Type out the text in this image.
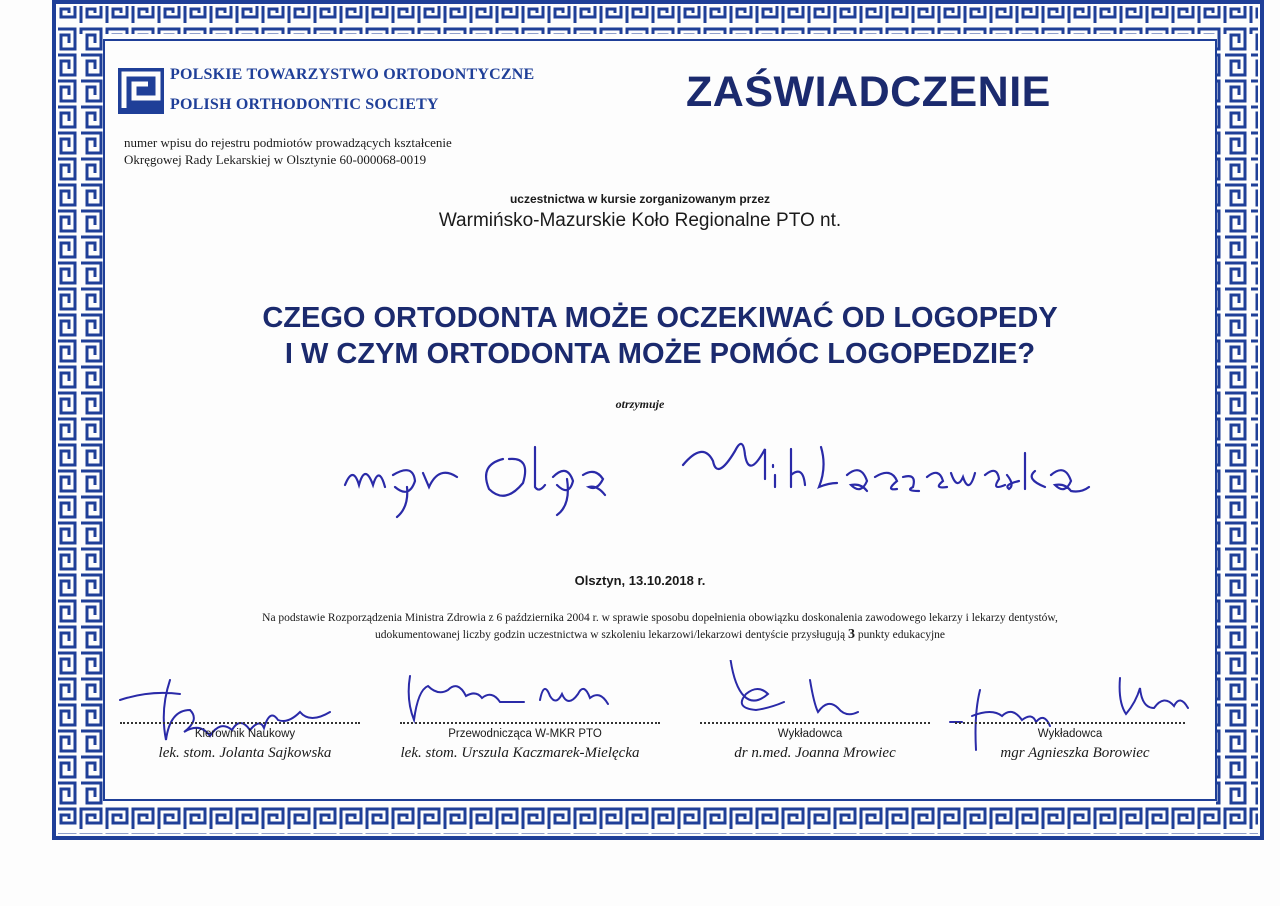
POLSKIE TOWARZYSTWO ORTODONTYCZNE
POLISH ORTHODONTIC SOCIETY	ZAŚWIADCZENIE
numer wpisu do rejestru podmiotów prowadzących kształcenie
Okręgowej Rady Lekarskiej w Olsztynie 60-000068-0019
uczestnictwa w kursie zorganizowanym przez
Warmińsko-Mazurskie Koło Regionalne PTO nt.
CZEGO ORTODONTA MOŻE OCZEKIWAĆ OD LOGOPEDY
I W CZYM ORTODONTA MOŻE POMÓC LOGOPEDZIE?
otrzymuje
Olsztyn, 13.10.2018 r.
Na podstawie Rozporządzenia Ministra Zdrowia z 6 października 2004 r. w sprawie sposobu dopełnienia obowiązku doskonalenia zawodowego lekarzy i lekarzy dentystów,
udokumentowanej liczby godzin uczestnictwa w szkoleniu lekarzowi/lekarzowi dentyście przysługują 3 punkty edukacyjne
Kierownik Naukowy
lek. stom. Jolanta Sajkowska
Przewodnicząca W-MKR PTO
lek. stom. Urszula Kaczmarek-Mielęcka
Wykładowca
dr n.med. Joanna Mrowiec
Wykładowca
mgr Agnieszka Borowiec
